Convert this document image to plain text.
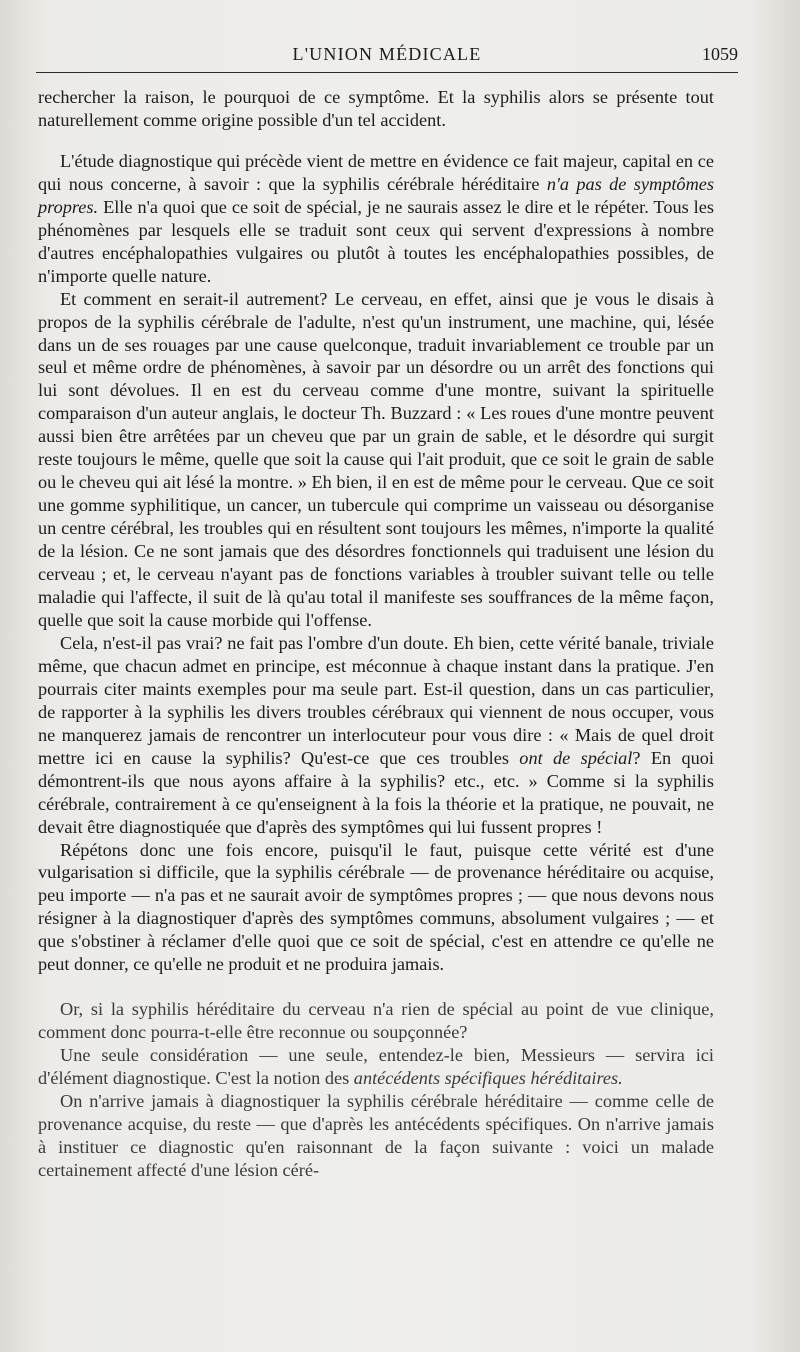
L'UNION MÉDICALE	1059

rechercher la raison, le pourquoi de ce symptôme. Et la syphilis alors se présente tout naturellement comme origine possible d'un tel accident.

L'étude diagnostique qui précède vient de mettre en évidence ce fait majeur, capital en ce qui nous concerne, à savoir : que la syphilis cérébrale héréditaire n'a pas de symptômes propres. Elle n'a quoi que ce soit de spécial, je ne saurais assez le dire et le répéter. Tous les phénomènes par lesquels elle se traduit sont ceux qui servent d'expressions à nombre d'autres encéphalopathies vulgaires ou plutôt à toutes les encéphalopathies possibles, de n'importe quelle nature.

Et comment en serait-il autrement? Le cerveau, en effet, ainsi que je vous le disais à propos de la syphilis cérébrale de l'adulte, n'est qu'un instrument, une machine, qui, lésée dans un de ses rouages par une cause quelconque, traduit invariablement ce trouble par un seul et même ordre de phénomènes, à savoir par un désordre ou un arrêt des fonctions qui lui sont dévolues. Il en est du cerveau comme d'une montre, suivant la spirituelle comparaison d'un auteur anglais, le docteur Th. Buzzard : « Les roues d'une montre peuvent aussi bien être arrêtées par un cheveu que par un grain de sable, et le désordre qui surgit reste toujours le même, quelle que soit la cause qui l'ait produit, que ce soit le grain de sable ou le cheveu qui ait lésé la montre. » Eh bien, il en est de même pour le cerveau. Que ce soit une gomme syphilitique, un cancer, un tubercule qui comprime un vaisseau ou désorganise un centre cérébral, les troubles qui en résultent sont toujours les mêmes, n'importe la qualité de la lésion. Ce ne sont jamais que des désordres fonctionnels qui traduisent une lésion du cerveau ; et, le cerveau n'ayant pas de fonctions variables à troubler suivant telle ou telle maladie qui l'affecte, il suit de là qu'au total il manifeste ses souffrances de la même façon, quelle que soit la cause morbide qui l'offense.

Cela, n'est-il pas vrai? ne fait pas l'ombre d'un doute. Eh bien, cette vérité banale, triviale même, que chacun admet en principe, est méconnue à chaque instant dans la pratique. J'en pourrais citer maints exemples pour ma seule part. Est-il question, dans un cas particulier, de rapporter à la syphilis les divers troubles cérébraux qui viennent de nous occuper, vous ne manquerez jamais de rencontrer un interlocuteur pour vous dire : « Mais de quel droit mettre ici en cause la syphilis? Qu'est-ce que ces troubles ont de spécial? En quoi démontrent-ils que nous ayons affaire à la syphilis? etc., etc. » Comme si la syphilis cérébrale, contrairement à ce qu'enseignent à la fois la théorie et la pratique, ne pouvait, ne devait être diagnostiquée que d'après des symptômes qui lui fussent propres !

Répétons donc une fois encore, puisqu'il le faut, puisque cette vérité est d'une vulgarisation si difficile, que la syphilis cérébrale — de provenance héréditaire ou acquise, peu importe — n'a pas et ne saurait avoir de symptômes propres ; — que nous devons nous résigner à la diagnostiquer d'après des symptômes communs, absolument vulgaires ; — et que s'obstiner à réclamer d'elle quoi que ce soit de spécial, c'est en attendre ce qu'elle ne peut donner, ce qu'elle ne produit et ne produira jamais.

Or, si la syphilis héréditaire du cerveau n'a rien de spécial au point de vue clinique, comment donc pourra-t-elle être reconnue ou soupçonnée?

Une seule considération — une seule, entendez-le bien, Messieurs — servira ici d'élément diagnostique. C'est la notion des antécédents spécifiques héréditaires.

On n'arrive jamais à diagnostiquer la syphilis cérébrale héréditaire — comme celle de provenance acquise, du reste — que d'après les antécédents spécifiques. On n'arrive jamais à instituer ce diagnostic qu'en raisonnant de la façon suivante : voici un malade certainement affecté d'une lésion céré-
